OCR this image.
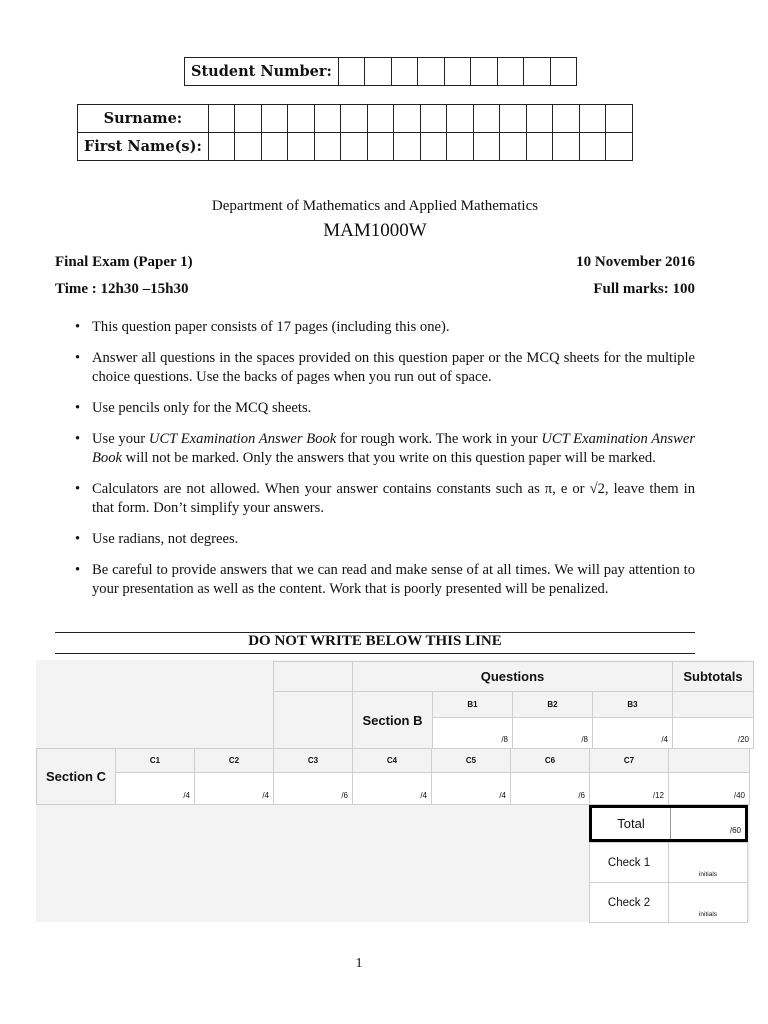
Student Number:									
Surname:																
First Name(s):																
Department of Mathematics and Applied Mathematics
MAM1000W
Final Exam (Paper 1)	10 November 2016
Time : 12h30 –15h30	Full marks: 100
• This question paper consists of 17 pages (including this one).
• Answer all questions in the spaces provided on this question paper or the MCQ sheets for the multiple choice questions. Use the backs of pages when you run out of space.
• Use pencils only for the MCQ sheets.
• Use your UCT Examination Answer Book for rough work. The work in your UCT Examination Answer Book will not be marked. Only the answers that you write on this question paper will be marked.
• Calculators are not allowed. When your answer contains constants such as π, e or √2, leave them in that form. Don’t simplify your answers.
• Use radians, not degrees.
• Be careful to provide answers that we can read and make sense of at all times. We will pay attention to your presentation as well as the content. Work that is poorly presented will be penalized.
DO NOT WRITE BELOW THIS LINE
	Questions				Subtotals
	Section B	B1	B2	B3	
		/8	/8	/4	/20
Section C	C1	C2	C3	C4	C5	C6	C7	
	/4	/4	/6	/4	/4	/6	/12	/40
Total	/60
Check 1	initials
Check 2	initials
1
